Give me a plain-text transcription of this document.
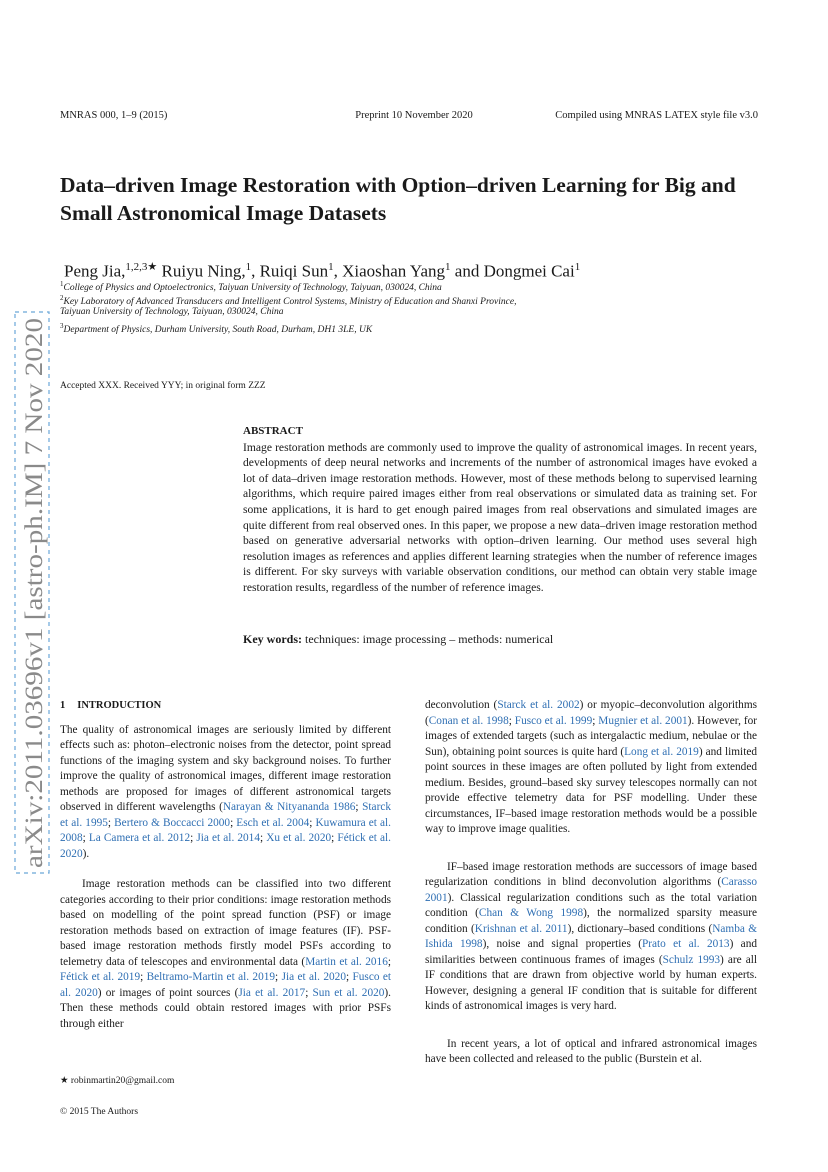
MNRAS 000, 1–9 (2015)	Preprint 10 November 2020	Compiled using MNRAS LATEX style file v3.0
Data–driven Image Restoration with Option–driven Learning for Big and Small Astronomical Image Datasets
Peng Jia,$^{1,2,3★}$ Ruiyu Ning,$^1$, Ruiqi Sun$^1$, Xiaoshan Yang$^1$ and Dongmei Cai$^1$
$^1$College of Physics and Optoelectronics, Taiyuan University of Technology, Taiyuan, 030024, China
$^2$Key Laboratory of Advanced Transducers and Intelligent Control Systems, Ministry of Education and Shanxi Province,
Taiyuan University of Technology, Taiyuan, 030024, China
$^3$Department of Physics, Durham University, South Road, Durham, DH1 3LE, UK
Accepted XXX. Received YYY; in original form ZZZ
ABSTRACT
Image restoration methods are commonly used to improve the quality of astronomical images. In recent years, developments of deep neural networks and increments of the number of astronomical images have evoked a lot of data–driven image restoration methods. However, most of these methods belong to supervised learning algorithms, which require paired images either from real observations or simulated data as training set. For some applications, it is hard to get enough paired images from real observations and simulated images are quite different from real observed ones. In this paper, we propose a new data–driven image restoration method based on generative adversarial networks with option–driven learning. Our method uses several high resolution images as references and applies different learning strategies when the number of reference images is different. For sky surveys with variable observation conditions, our method can obtain very stable image restoration results, regardless of the number of reference images.
Key words: techniques: image processing – methods: numerical
1 INTRODUCTION

The quality of astronomical images are seriously limited by different effects such as: photon–electronic noises from the detector, point spread functions of the imaging system and sky background noises. To further improve the quality of astronomical images, different image restoration methods are proposed for images of different astronomical targets observed in different wavelengths (Narayan & Nityananda 1986; Starck et al. 1995; Bertero & Boccacci 2000; Esch et al. 2004; Kuwamura et al. 2008; La Camera et al. 2012; Jia et al. 2014; Xu et al. 2020; Fétick et al. 2020).

Image restoration methods can be classified into two different categories according to their prior conditions: image restoration methods based on modelling of the point spread function (PSF) or image restoration methods based on extraction of image features (IF). PSF-based image restoration methods firstly model PSFs according to telemetry data of telescopes and environmental data (Martin et al. 2016; Fétick et al. 2019; Beltramo-Martin et al. 2019; Jia et al. 2020; Fusco et al. 2020) or images of point sources (Jia et al. 2017; Sun et al. 2020). Then these methods could obtain restored images with prior PSFs through either

deconvolution (Starck et al. 2002) or myopic–deconvolution algorithms (Conan et al. 1998; Fusco et al. 1999; Mugnier et al. 2001). However, for images of extended targets (such as intergalactic medium, nebulae or the Sun), obtaining point sources is quite hard (Long et al. 2019) and limited point sources in these images are often polluted by light from extended medium. Besides, ground–based sky survey telescopes normally can not provide effective telemetry data for PSF modelling. Under these circumstances, IF–based image restoration methods would be a possible way to improve image qualities.

IF–based image restoration methods are successors of image based regularization conditions in blind deconvolution algorithms (Carasso 2001). Classical regularization conditions such as the total variation condition (Chan & Wong 1998), the normalized sparsity measure condition (Krishnan et al. 2011), dictionary–based conditions (Namba & Ishida 1998), noise and signal properties (Prato et al. 2013) and similarities between continuous frames of images (Schulz 1993) are all IF conditions that are drawn from objective world by human experts. However, designing a general IF condition that is suitable for different kinds of astronomical images is very hard.

In recent years, a lot of optical and infrared astronomical images have been collected and released to the public (Burstein et al.

★ robinmartin20@gmail.com
© 2015 The Authors
arXiv:2011.03696v1 [astro-ph.IM] 7 Nov 2020
